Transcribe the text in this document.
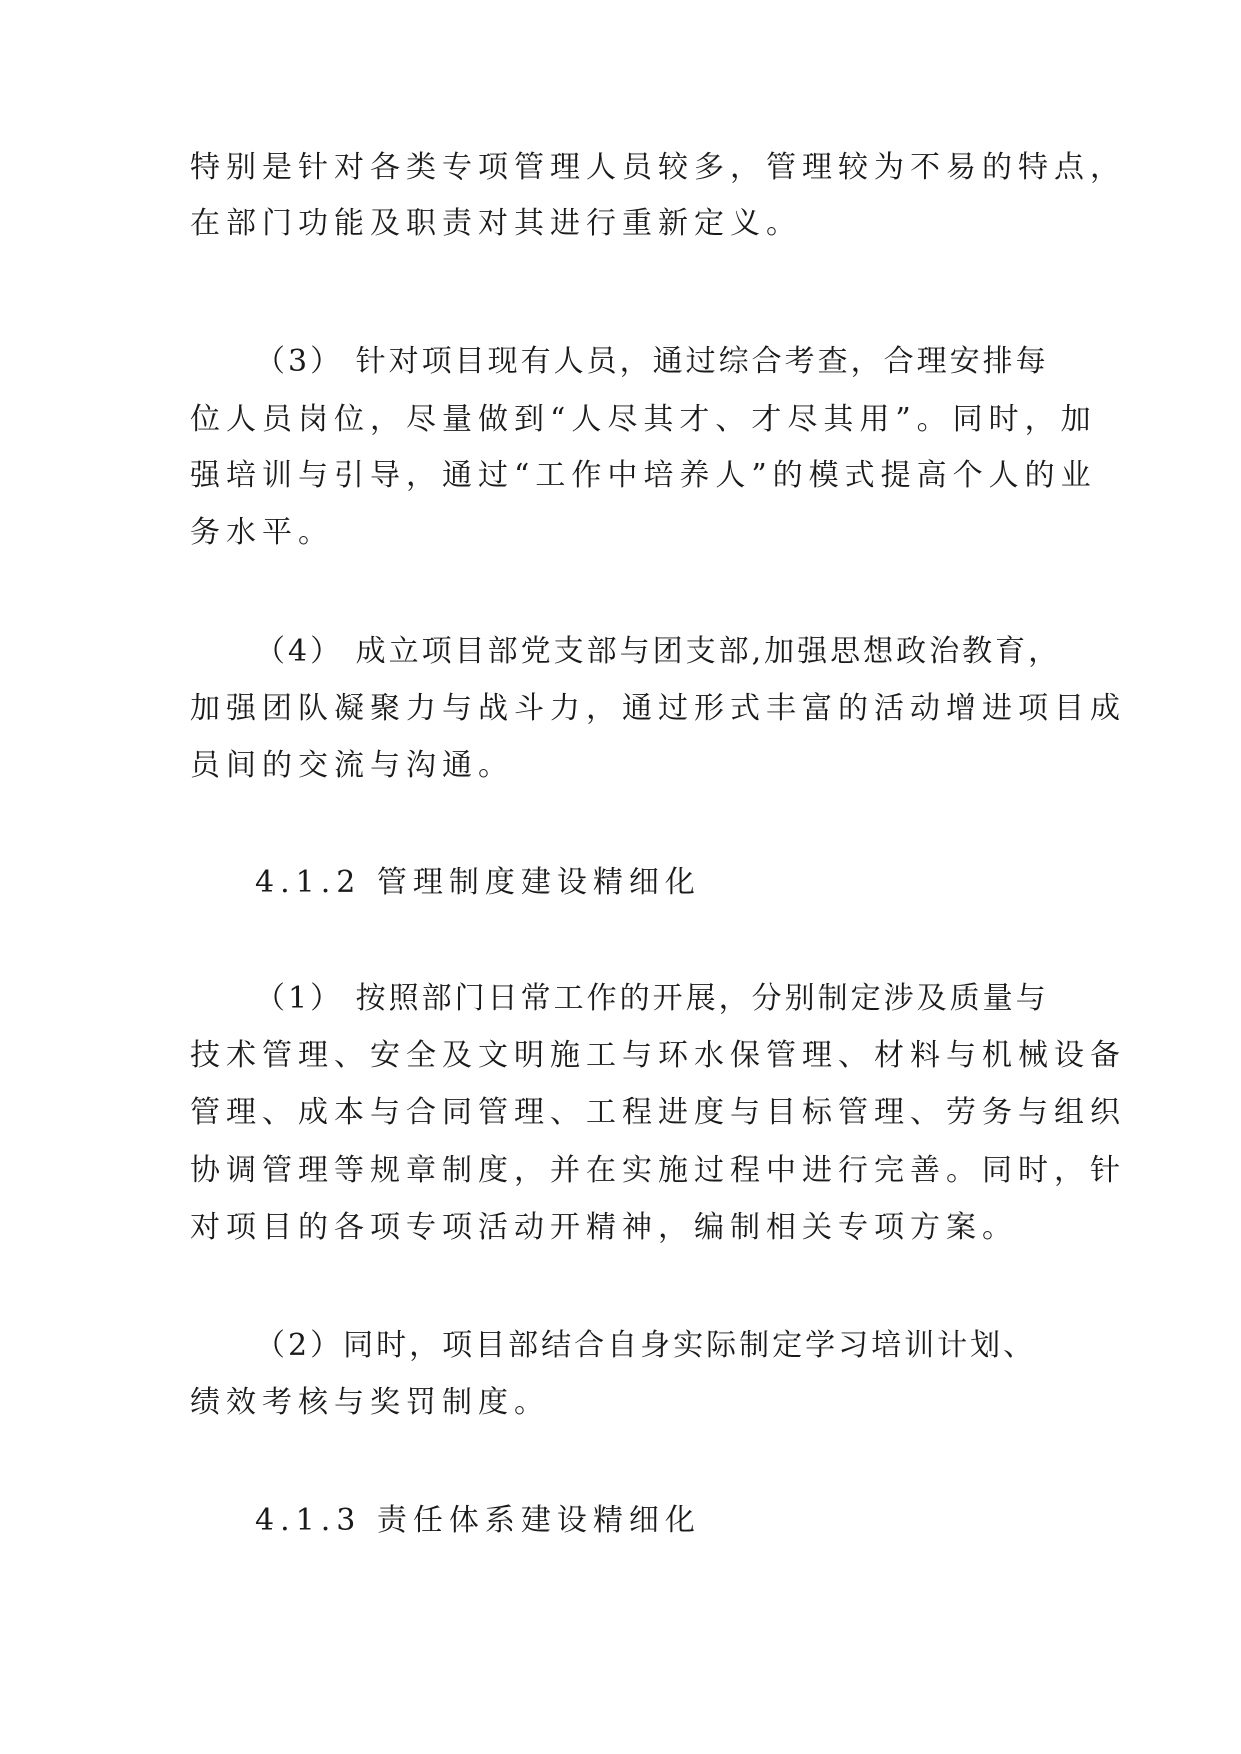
特别是针对各类专项管理人员较多，管理较为不易的特点，
在部门功能及职责对其进行重新定义。
（3） 针对项目现有人员，通过综合考查，合理安排每
位人员岗位，尽量做到“人尽其才、才尽其用”。同时，加
强培训与引导，通过“工作中培养人”的模式提高个人的业
务水平。
（4） 成立项目部党支部与团支部,加强思想政治教育，
加强团队凝聚力与战斗力，通过形式丰富的活动增进项目成
员间的交流与沟通。
4.1.2 管理制度建设精细化
（1） 按照部门日常工作的开展，分别制定涉及质量与
技术管理、安全及文明施工与环水保管理、材料与机械设备
管理、成本与合同管理、工程进度与目标管理、劳务与组织
协调管理等规章制度，并在实施过程中进行完善。同时，针
对项目的各项专项活动开精神，编制相关专项方案。
（2）同时，项目部结合自身实际制定学习培训计划、
绩效考核与奖罚制度。
4.1.3 责任体系建设精细化
